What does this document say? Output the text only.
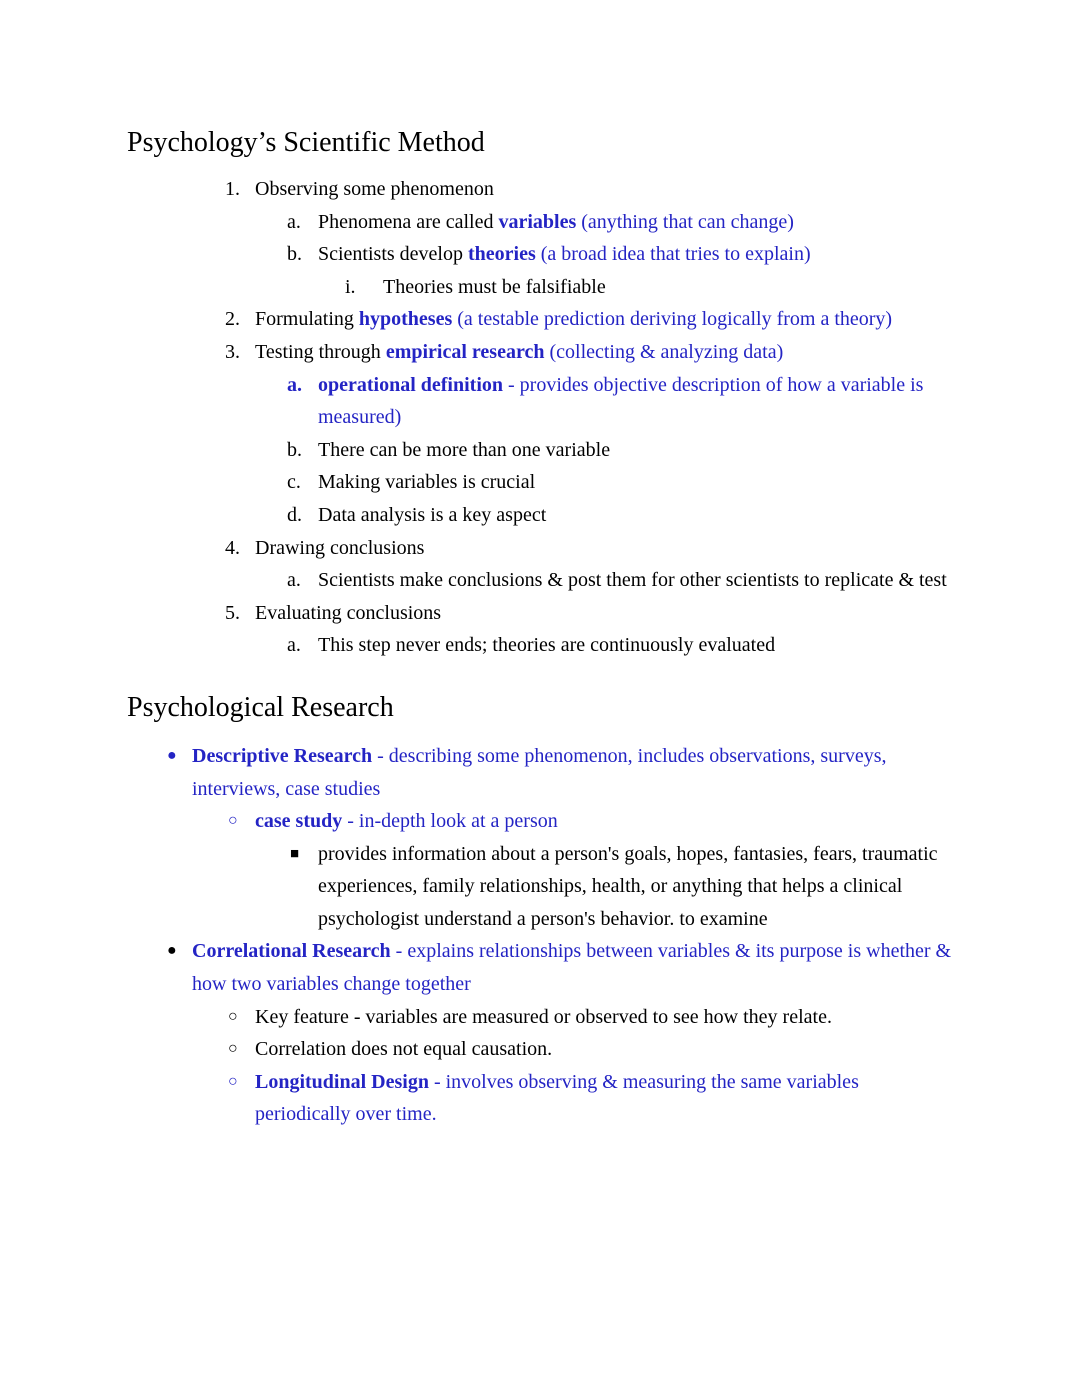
Psychology’s Scientific Method
1. Observing some phenomenon
a. Phenomena are called variables (anything that can change)
b. Scientists develop theories (a broad idea that tries to explain)
i. Theories must be falsifiable
2. Formulating hypotheses (a testable prediction deriving logically from a theory)
3. Testing through empirical research (collecting & analyzing data)
a. operational definition - provides objective description of how a variable is measured)
b. There can be more than one variable
c. Making variables is crucial
d. Data analysis is a key aspect
4. Drawing conclusions
a. Scientists make conclusions & post them for other scientists to replicate & test
5. Evaluating conclusions
a. This step never ends; theories are continuously evaluated
Psychological Research
● Descriptive Research - describing some phenomenon, includes observations, surveys, interviews, case studies
○ case study - in-depth look at a person
■ provides information about a person's goals, hopes, fantasies, fears, traumatic experiences, family relationships, health, or anything that helps a clinical psychologist understand a person's behavior. to examine
● Correlational Research - explains relationships between variables & its purpose is whether & how two variables change together
○ Key feature - variables are measured or observed to see how they relate.
○ Correlation does not equal causation.
○ Longitudinal Design - involves observing & measuring the same variables periodically over time.
